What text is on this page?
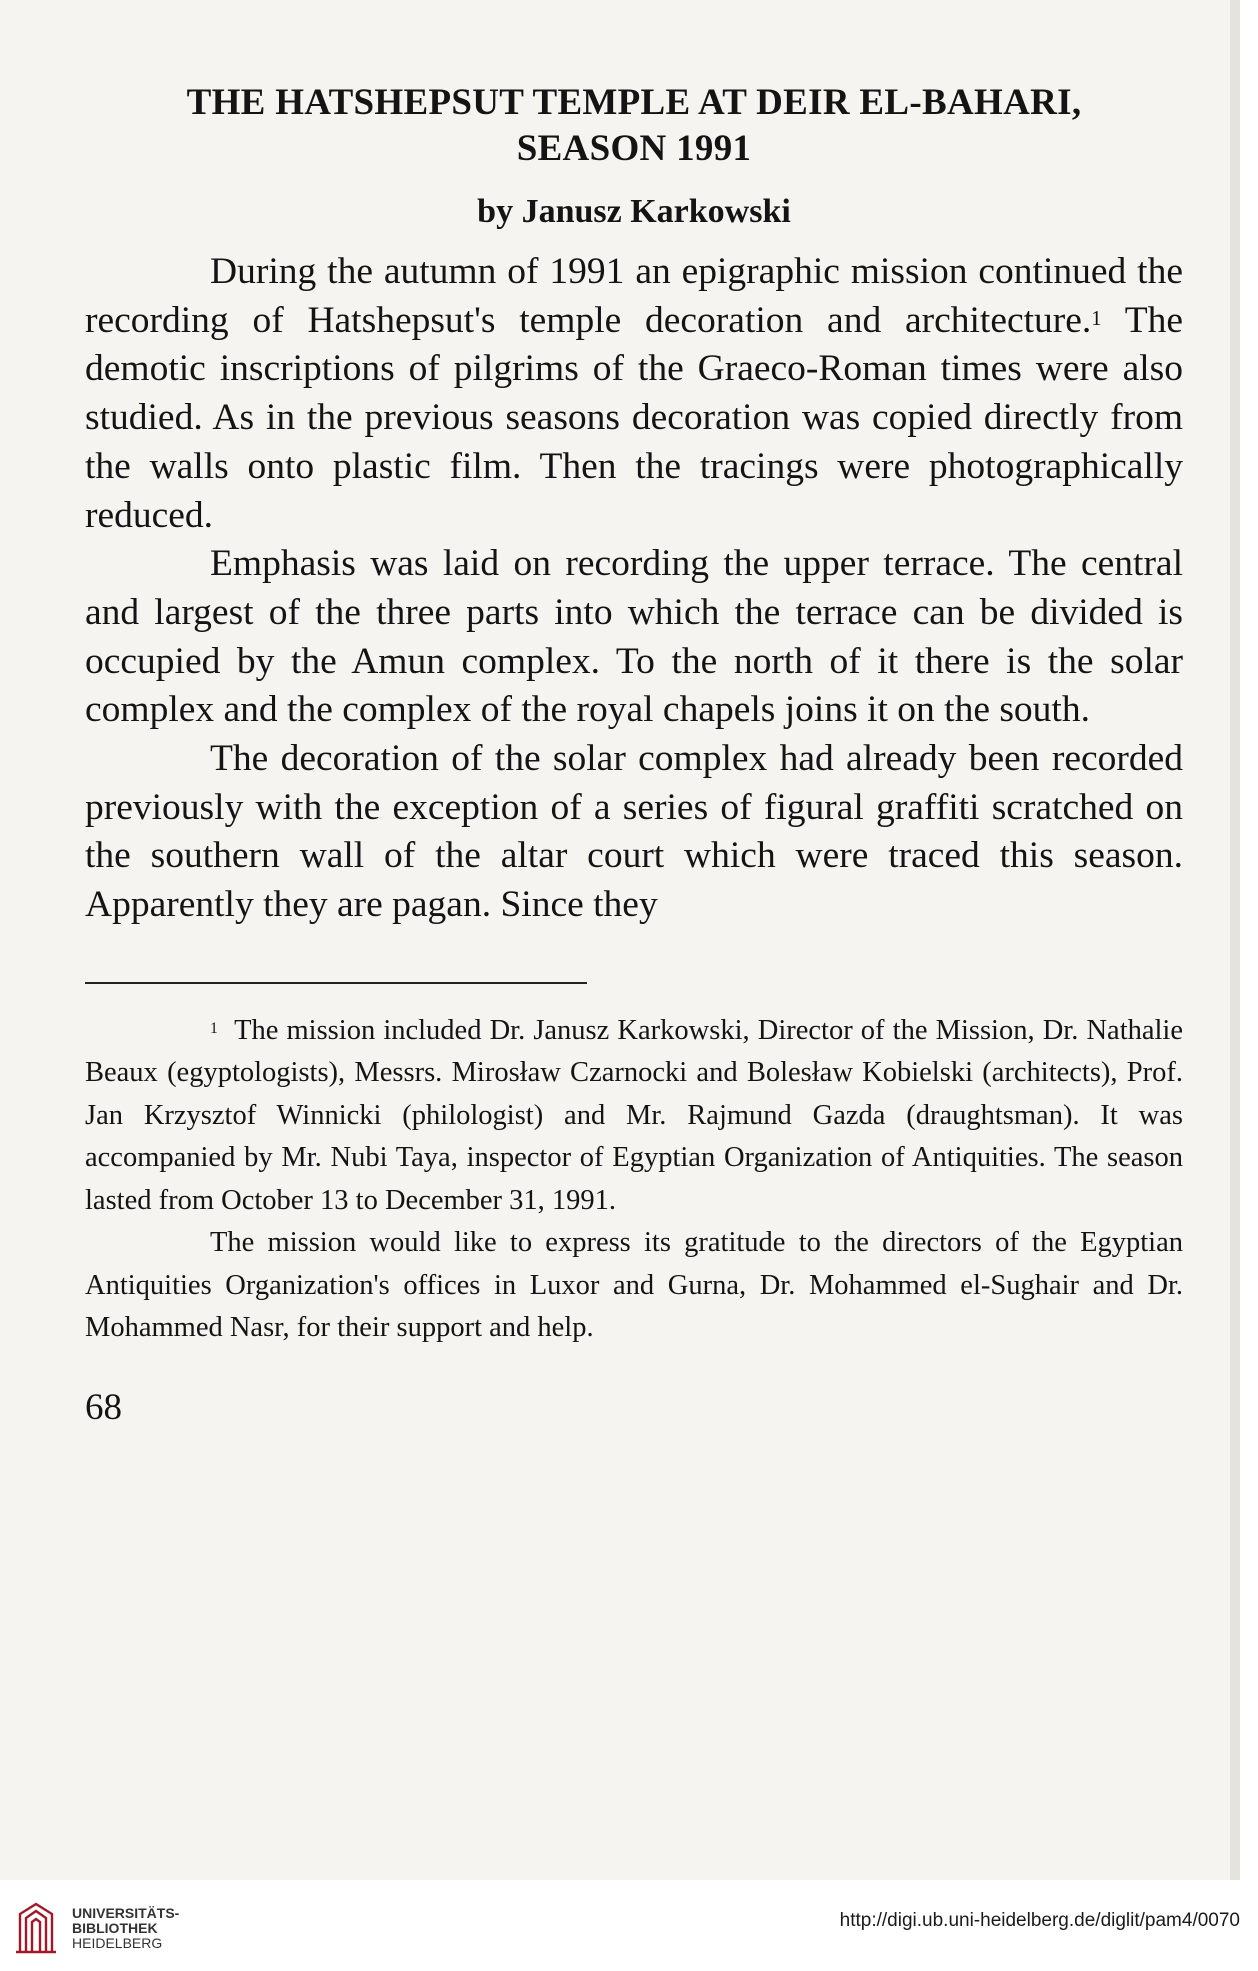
THE HATSHEPSUT TEMPLE AT DEIR EL-BAHARI,
SEASON 1991
by Janusz Karkowski

During the autumn of 1991 an epigraphic mission continued the recording of Hatshepsut's temple decoration and architecture.$^1$ The demotic inscriptions of pilgrims of the Graeco-Roman times were also studied. As in the previous seasons decoration was copied directly from the walls onto plastic film. Then the tracings were photographically reduced.

Emphasis was laid on recording the upper terrace. The central and largest of the three parts into which the terrace can be divided is occupied by the Amun complex. To the north of it there is the solar complex and the complex of the royal chapels joins it on the south.

The decoration of the solar complex had already been recorded previously with the exception of a series of figural graffiti scratched on the southern wall of the altar court which were traced this season. Apparently they are pagan. Since they

$^1$ The mission included Dr. Janusz Karkowski, Director of the Mission, Dr. Nathalie Beaux (egyptologists), Messrs. Mirosław Czarnocki and Bolesław Kobielski (architects), Prof. Jan Krzysztof Winnicki (philologist) and Mr. Rajmund Gazda (draughtsman). It was accompanied by Mr. Nubi Taya, inspector of Egyptian Organization of Antiquities. The season lasted from October 13 to December 31, 1991.

The mission would like to express its gratitude to the directors of the Egyptian Antiquities Organization's offices in Luxor and Gurna, Dr. Mohammed el-Sughair and Dr. Mohammed Nasr, for their support and help.

68
UNIVERSITÄTS-
BIBLIOTHEK
HEIDELBERG
http://digi.ub.uni-heidelberg.de/diglit/pam4/0070
